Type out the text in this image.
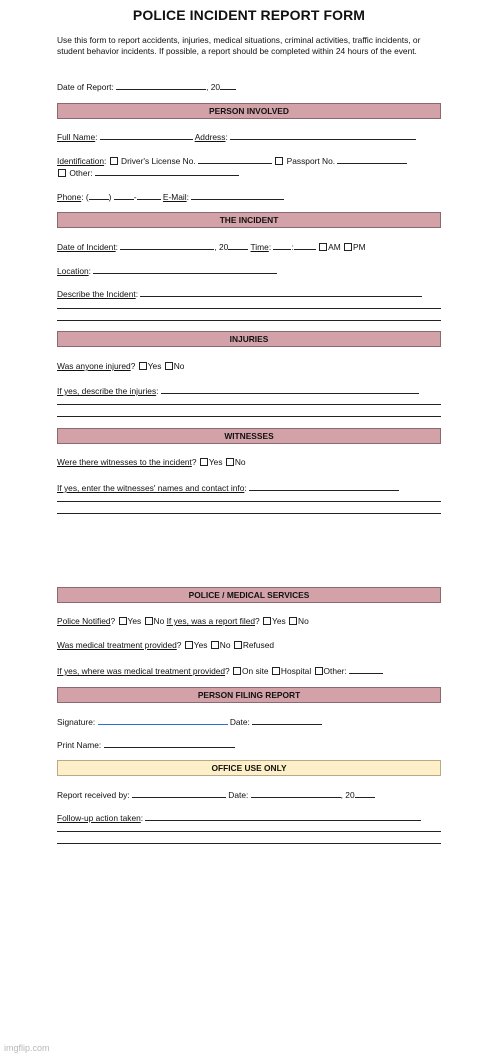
POLICE INCIDENT REPORT FORM
Use this form to report accidents, injuries, medical situations, criminal activities, traffic incidents, or student behavior incidents. If possible, a report should be completed within 24 hours of the event.
Date of Report:	, 20
PERSON INVOLVED
Full Name:	Address:
Identification: Driver's License No.	Passport No.
Other:
Phone: ( )	-	E-Mail:
THE INCIDENT
Date of Incident:	, 20	Time: :	AM PM
Location:
Describe the Incident:
INJURIES
Was anyone injured? Yes No
If yes, describe the injuries:
WITNESSES
Were there witnesses to the incident? Yes No
If yes, enter the witnesses' names and contact info:
POLICE / MEDICAL SERVICES
Police Notified? Yes No If yes, was a report filed? Yes No
Was medical treatment provided? Yes No Refused
If yes, where was medical treatment provided? On site Hospital Other:
PERSON FILING REPORT
Signature:	Date:
Print Name:
OFFICE USE ONLY
Report received by:	Date:	, 20
Follow-up action taken:
imgflip.com
